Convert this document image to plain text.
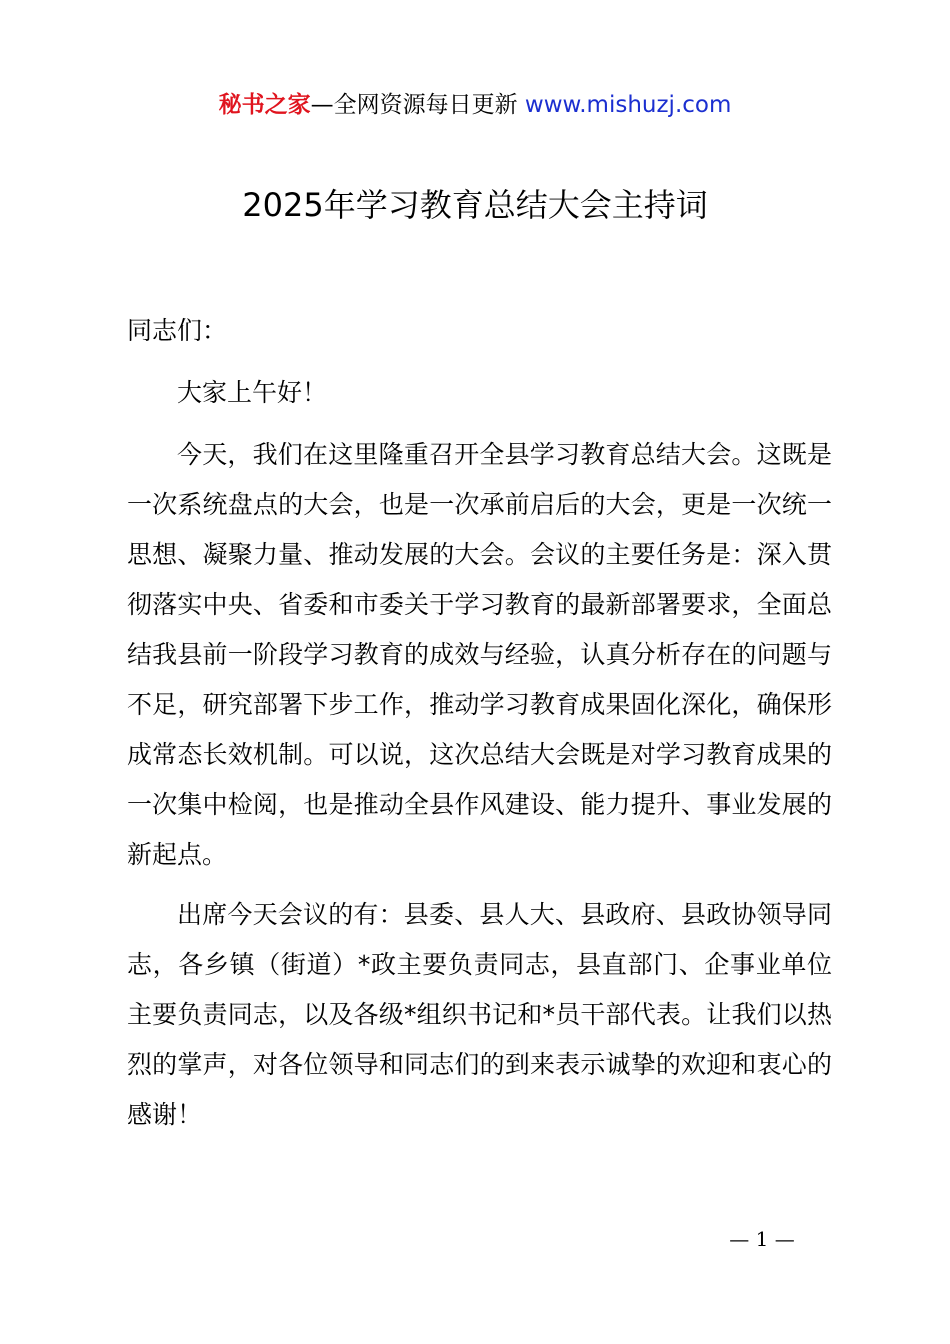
秘书之家—全网资源每日更新 www.mishuzj.com
2025年学习教育总结大会主持词
同志们：

大家上午好！

今天，我们在这里隆重召开全县学习教育总结大会。这既是一次系统盘点的大会，也是一次承前启后的大会，更是一次统一思想、凝聚力量、推动发展的大会。会议的主要任务是：深入贯彻落实中央、省委和市委关于学习教育的最新部署要求，全面总结我县前一阶段学习教育的成效与经验，认真分析存在的问题与不足，研究部署下步工作，推动学习教育成果固化深化，确保形成常态长效机制。可以说，这次总结大会既是对学习教育成果的一次集中检阅，也是推动全县作风建设、能力提升、事业发展的新起点。

出席今天会议的有：县委、县人大、县政府、县政协领导同志，各乡镇（街道）*政主要负责同志，县直部门、企事业单位主要负责同志，以及各级*组织书记和*员干部代表。让我们以热烈的掌声，对各位领导和同志们的到来表示诚挚的欢迎和衷心的感谢！

— 1 —
